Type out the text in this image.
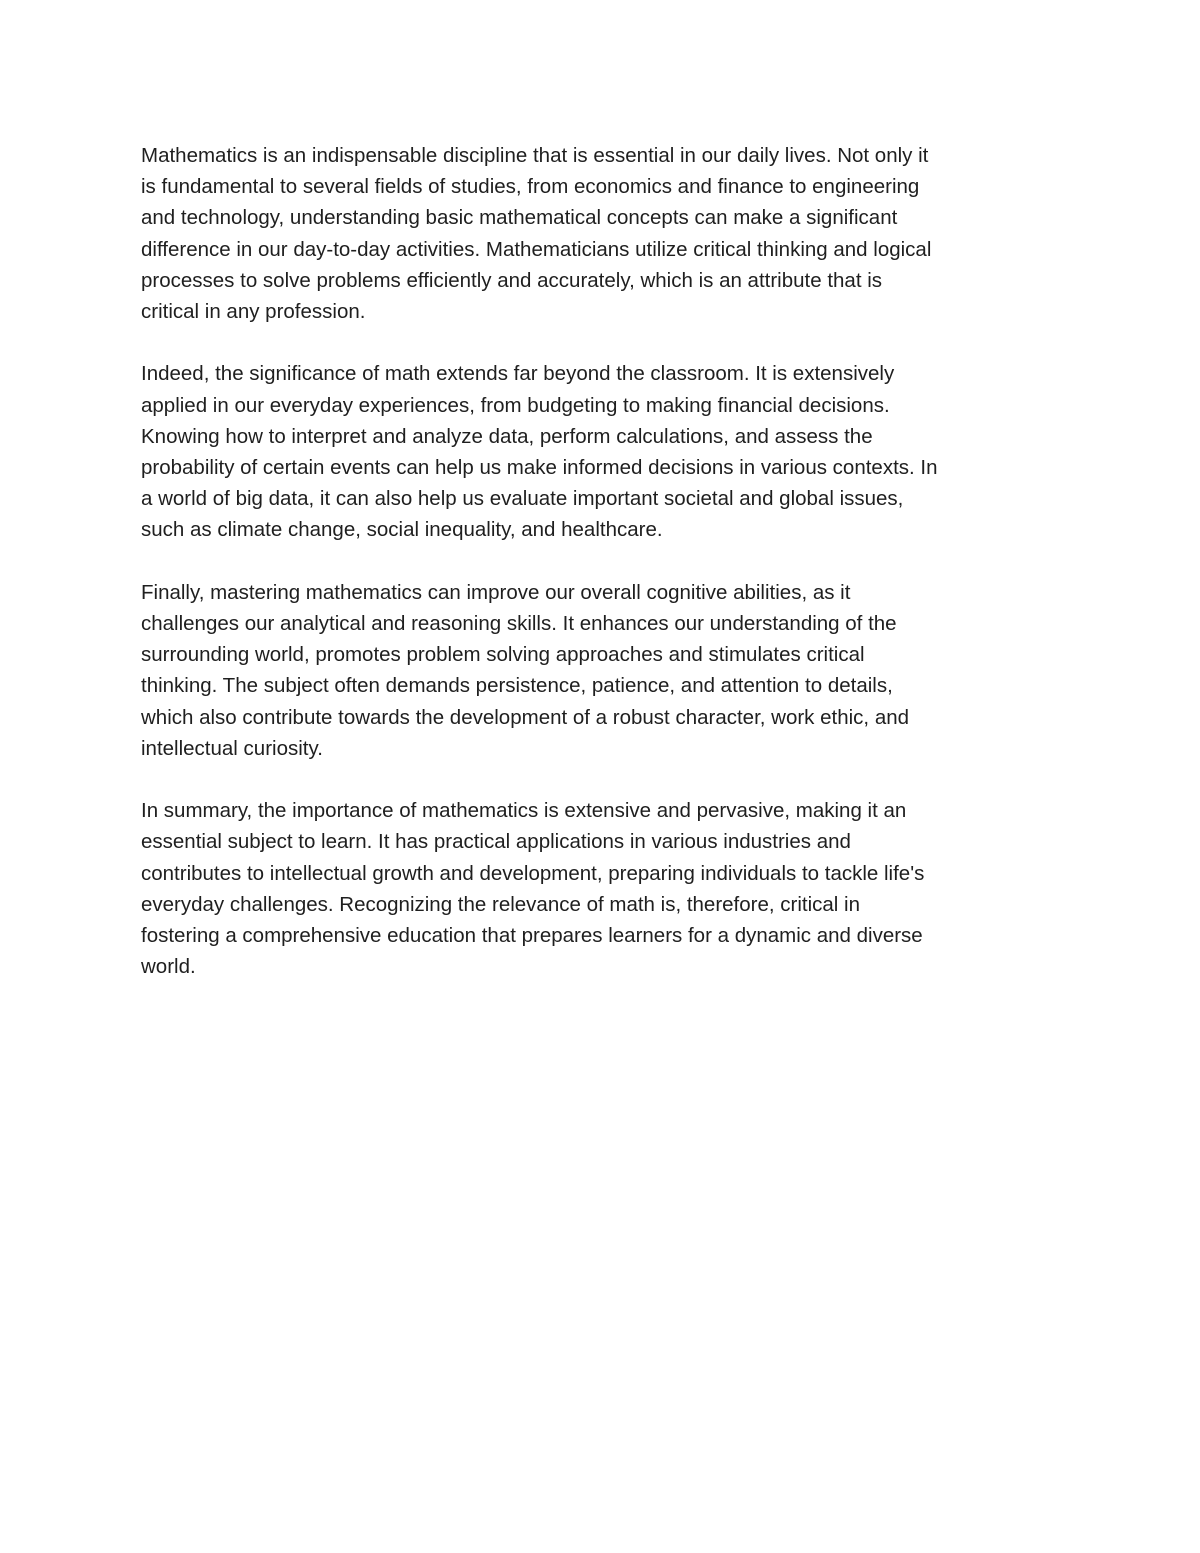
Mathematics is an indispensable discipline that is essential in our daily lives. Not only it
is fundamental to several fields of studies, from economics and finance to engineering
and technology, understanding basic mathematical concepts can make a significant
difference in our day-to-day activities. Mathematicians utilize critical thinking and logical
processes to solve problems efficiently and accurately, which is an attribute that is
critical in any profession.

Indeed, the significance of math extends far beyond the classroom. It is extensively
applied in our everyday experiences, from budgeting to making financial decisions.
Knowing how to interpret and analyze data, perform calculations, and assess the
probability of certain events can help us make informed decisions in various contexts. In
a world of big data, it can also help us evaluate important societal and global issues,
such as climate change, social inequality, and healthcare.

Finally, mastering mathematics can improve our overall cognitive abilities, as it
challenges our analytical and reasoning skills. It enhances our understanding of the
surrounding world, promotes problem solving approaches and stimulates critical
thinking. The subject often demands persistence, patience, and attention to details,
which also contribute towards the development of a robust character, work ethic, and
intellectual curiosity.

In summary, the importance of mathematics is extensive and pervasive, making it an
essential subject to learn. It has practical applications in various industries and
contributes to intellectual growth and development, preparing individuals to tackle life's
everyday challenges. Recognizing the relevance of math is, therefore, critical in
fostering a comprehensive education that prepares learners for a dynamic and diverse
world.
